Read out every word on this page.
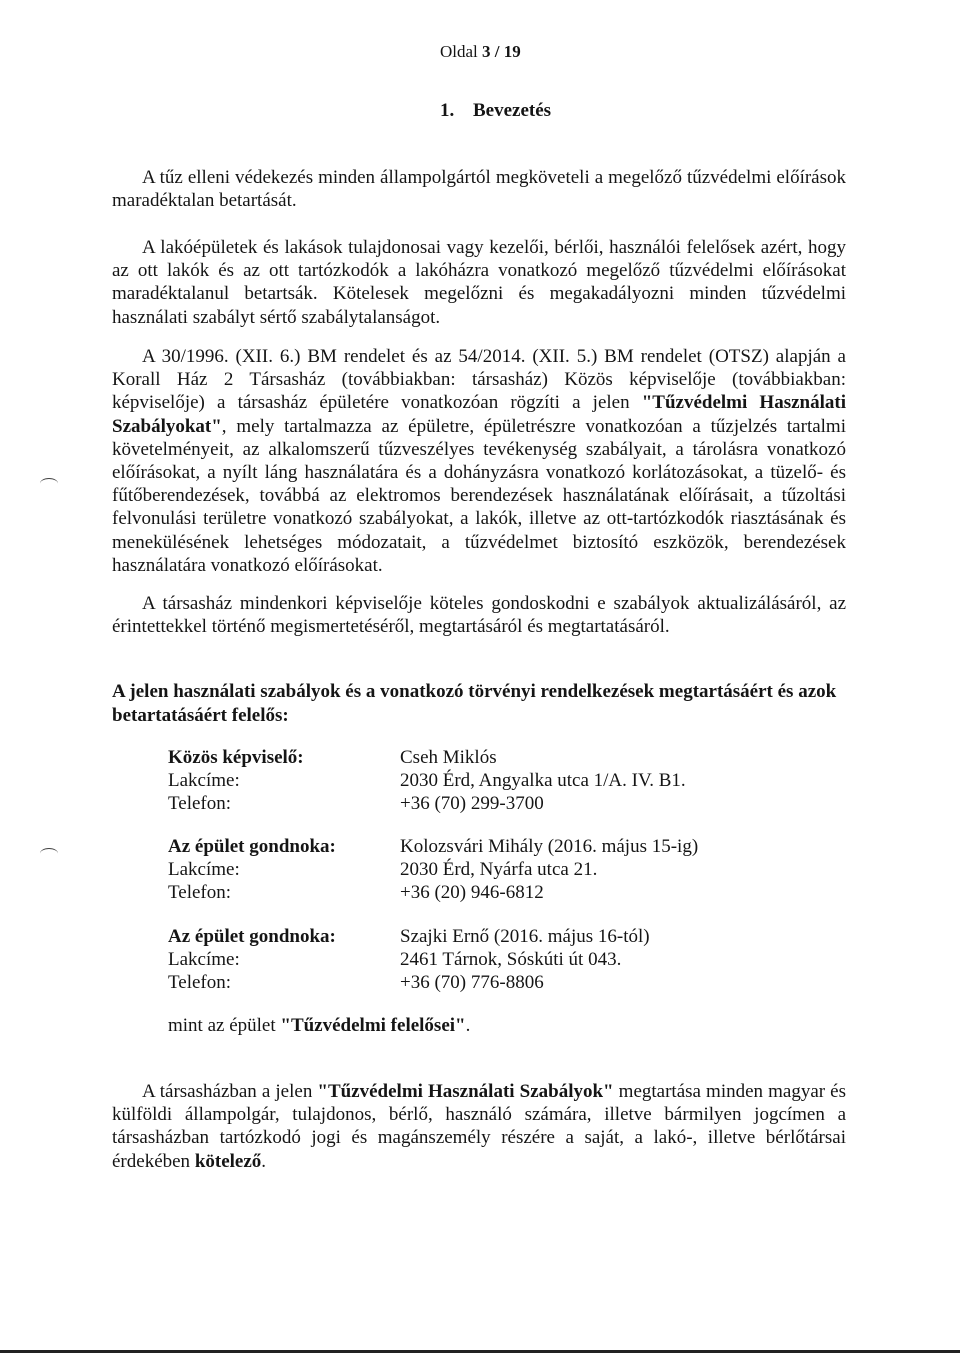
Oldal 3 / 19
1. Bevezetés

A tűz elleni védekezés minden állampolgártól megköveteli a megelőző tűzvédelmi előírások maradéktalan betartását.

A lakóépületek és lakások tulajdonosai vagy kezelői, bérlői, használói felelősek azért, hogy az ott lakók és az ott tartózkodók a lakóházra vonatkozó megelőző tűzvédelmi előírásokat maradéktalanul betartsák. Kötelesek megelőzni és megakadályozni minden tűzvédelmi használati szabályt sértő szabálytalanságot.

A 30/1996. (XII. 6.) BM rendelet és az 54/2014. (XII. 5.) BM rendelet (OTSZ) alapján a Korall Ház 2 Társasház (továbbiakban: társasház) Közös képviselője (továbbiakban: képviselője) a társasház épületére vonatkozóan rögzíti a jelen "Tűzvédelmi Használati Szabályokat", mely tartalmazza az épületre, épületrészre vonatkozóan a tűzjelzés tartalmi követelményeit, az alkalomszerű tűzveszélyes tevékenység szabályait, a tárolásra vonatkozó előírásokat, a nyílt láng használatára és a dohányzásra vonatkozó korlátozásokat, a tüzelő- és fűtőberendezések, továbbá az elektromos berendezések használatának előírásait, a tűzoltási felvonulási területre vonatkozó szabályokat, a lakók, illetve az ott-tartózkodók riasztásának és menekülésének lehetséges módozatait, a tűzvédelmet biztosító eszközök, berendezések használatára vonatkozó előírásokat.

A társasház mindenkori képviselője köteles gondoskodni e szabályok aktualizálásáról, az érintettekkel történő megismertetéséről, megtartásáról és megtartatásáról.

A jelen használati szabályok és a vonatkozó törvényi rendelkezések megtartásáért és azok betartatásáért felelős:

Közös képviselő:	Cseh Miklós
Lakcíme:	2030 Érd, Angyalka utca 1/A. IV. B1.
Telefon:	+36 (70) 299-3700
Az épület gondnoka:	Kolozsvári Mihály (2016. május 15-ig)
Lakcíme:	2030 Érd, Nyárfa utca 21.
Telefon:	+36 (20) 946-6812
Az épület gondnoka:	Szajki Ernő (2016. május 16-tól)
Lakcíme:	2461 Tárnok, Sóskúti út 043.
Telefon:	+36 (70) 776-8806
mint az épület "Tűzvédelmi felelősei".

A társasházban a jelen "Tűzvédelmi Használati Szabályok" megtartása minden magyar és külföldi állampolgár, tulajdonos, bérlő, használó számára, illetve bármilyen jogcímen a társasházban tartózkodó jogi és magánszemély részére a saját, a lakó-, illetve bérlőtársai érdekében kötelező.
